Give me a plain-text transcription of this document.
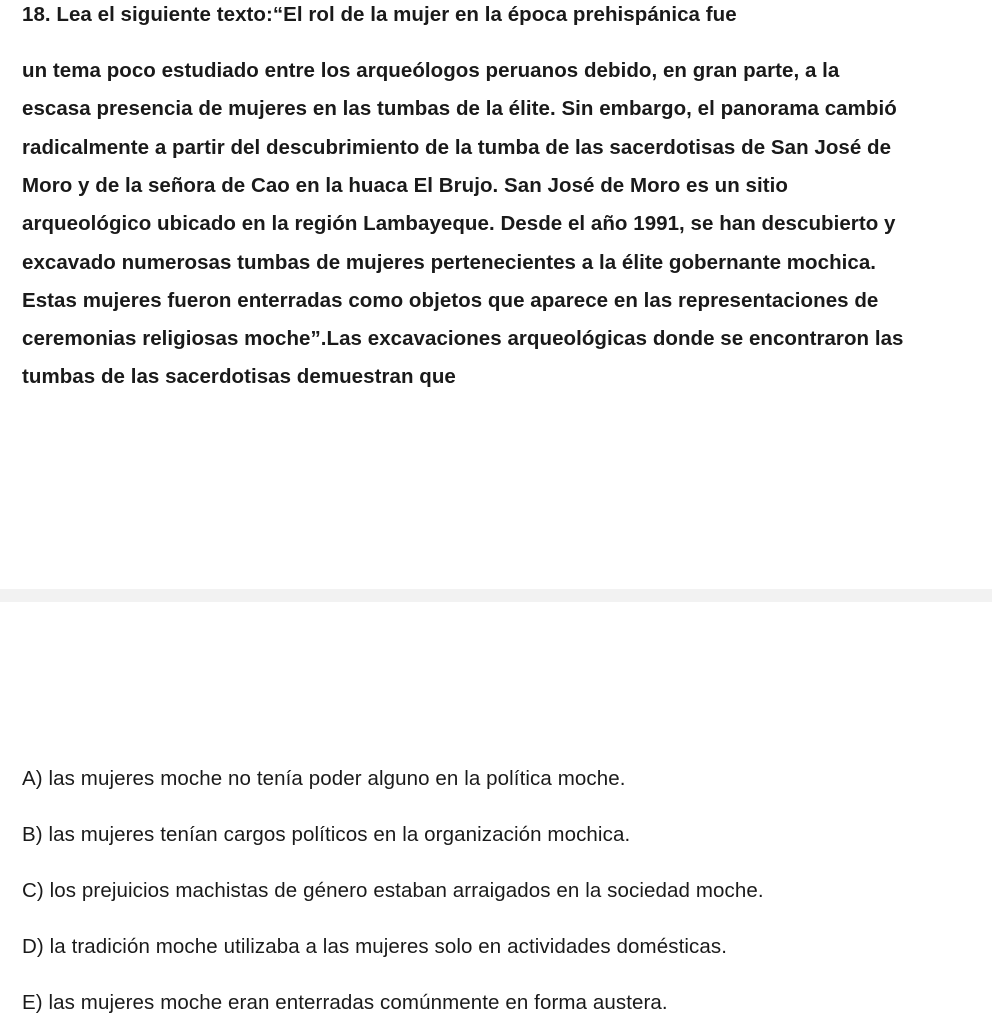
18. Lea el siguiente texto:“El rol de la mujer en la época prehispánica fue
un tema poco estudiado entre los arqueólogos peruanos debido, en gran parte, a la
escasa presencia de mujeres en las tumbas de la élite. Sin embargo, el panorama cambió
radicalmente a partir del descubrimiento de la tumba de las sacerdotisas de San José de
Moro y de la señora de Cao en la huaca El Brujo. San José de Moro es un sitio
arqueológico ubicado en la región Lambayeque. Desde el año 1991, se han descubierto y
excavado numerosas tumbas de mujeres pertenecientes a la élite gobernante mochica.
Estas mujeres fueron enterradas como objetos que aparece en las representaciones de
ceremonias religiosas moche”.Las excavaciones arqueológicas donde se encontraron las
tumbas de las sacerdotisas demuestran que
A) las mujeres moche no tenía poder alguno en la política moche.
B) las mujeres tenían cargos políticos en la organización mochica.
C) los prejuicios machistas de género estaban arraigados en la sociedad moche.
D) la tradición moche utilizaba a las mujeres solo en actividades domésticas.
E) las mujeres moche eran enterradas comúnmente en forma austera.
